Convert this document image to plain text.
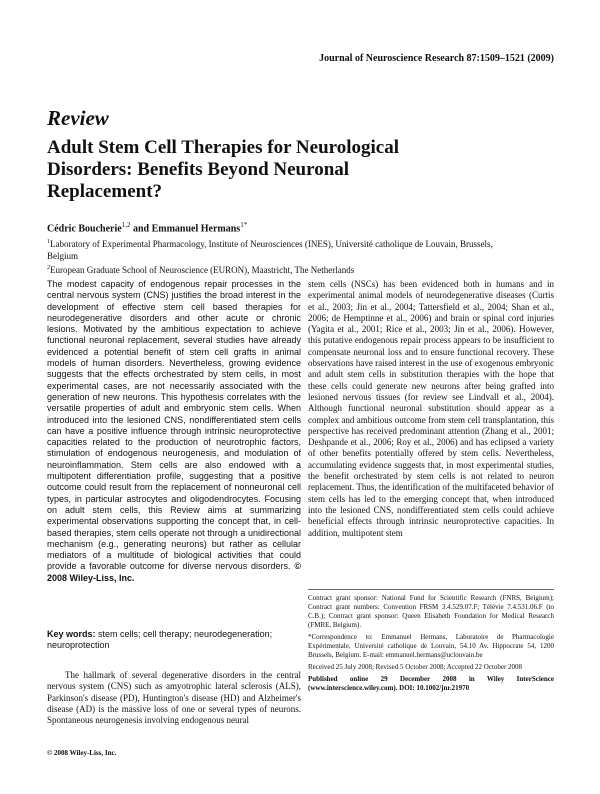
Journal of Neuroscience Research 87:1509–1521 (2009)
Review
Adult Stem Cell Therapies for Neurological Disorders: Benefits Beyond Neuronal Replacement?
Cédric Boucherie$^{1,2}$ and Emmanuel Hermans$^{1*}$
$^1$Laboratory of Experimental Pharmacology, Institute of Neurosciences (INES), Université catholique de Louvain, Brussels, Belgium
$^2$European Graduate School of Neuroscience (EURON), Maastricht, The Netherlands
The modest capacity of endogenous repair processes in the central nervous system (CNS) justifies the broad interest in the development of effective stem cell based therapies for neurodegenerative disorders and other acute or chronic lesions. Motivated by the ambitious expectation to achieve functional neuronal replacement, several studies have already evidenced a potential benefit of stem cell grafts in animal models of human disorders. Nevertheless, growing evidence suggests that the effects orchestrated by stem cells, in most experimental cases, are not necessarily associated with the generation of new neurons. This hypothesis correlates with the versatile properties of adult and embryonic stem cells. When introduced into the lesioned CNS, nondifferentiated stem cells can have a positive influence through intrinsic neuroprotective capacities related to the production of neurotrophic factors, stimulation of endogenous neurogenesis, and modulation of neuroinflammation. Stem cells are also endowed with a multipotent differentiation profile, suggesting that a positive outcome could result from the replacement of nonneuronal cell types, in particular astrocytes and oligodendrocytes. Focusing on adult stem cells, this Review aims at summarizing experimental observations supporting the concept that, in cell-based therapies, stem cells operate not through a unidirectional mechanism (e.g., generating neurons) but rather as cellular mediators of a multitude of biological activities that could provide a favorable outcome for diverse nervous disorders. © 2008 Wiley-Liss, Inc.
Key words: stem cells; cell therapy; neurodegeneration; neuroprotection
The hallmark of several degenerative disorders in the central nervous system (CNS) such as amyotrophic lateral sclerosis (ALS), Parkinson's disease (PD), Huntington's disease (HD) and Alzheimer's disease (AD) is the massive loss of one or several types of neurons. Spontaneous neurogenesis involving endogenous neural
© 2008 Wiley-Liss, Inc.
stem cells (NSCs) has been evidenced both in humans and in experimental animal models of neurodegenerative diseases (Curtis et al., 2003; Jin et al., 2004; Tattersfield et al., 2004; Shan et al., 2006; de Hemptinne et al., 2006) and brain or spinal cord injuries (Yagita et al., 2001; Rice et al., 2003; Jin et al., 2006). However, this putative endogenous repair process appears to be insufficient to compensate neuronal loss and to ensure functional recovery. These observations have raised interest in the use of exogenous embryonic and adult stem cells in substitution therapies with the hope that these cells could generate new neurons after being grafted into lesioned nervous tissues (for review see Lindvall et al., 2004). Although functional neuronal substitution should appear as a complex and ambitious outcome from stem cell transplantation, this perspective has received predominant attention (Zhang et al., 2001; Deshpande et al., 2006; Roy et al., 2006) and has eclipsed a variety of other benefits potentially offered by stem cells. Nevertheless, accumulating evidence suggests that, in most experimental studies, the benefit orchestrated by stem cells is not related to neuron replacement. Thus, the identification of the multifaceted behavior of stem cells has led to the emerging concept that, when introduced into the lesioned CNS, nondifferentiated stem cells could achieve beneficial effects through intrinsic neuroprotective capacities. In addition, multipotent stem

Contract grant sponsor: National Fund for Scientific Research (FNRS, Belgium); Contract grant numbers: Convention FRSM 3.4.529.07.F; Télévie 7.4.531.06.F (to C.B.); Contract grant sponsor: Queen Elisabeth Foundation for Medical Research (FMRE, Belgium).

*Correspondence to: Emmanuel Hermans, Laboratoire de Pharmacologie Expérimentale, Université catholique de Louvain, 54.10 Av. Hippocrate 54, 1200 Brussels, Belgium. E-mail: emmanuel.hermans@uclouvain.be

Received 25 July 2008; Revised 5 October 2008; Accepted 22 October 2008

Published online 29 December 2008 in Wiley InterScience (www.interscience.wiley.com). DOI: 10.1002/jnr.21970
